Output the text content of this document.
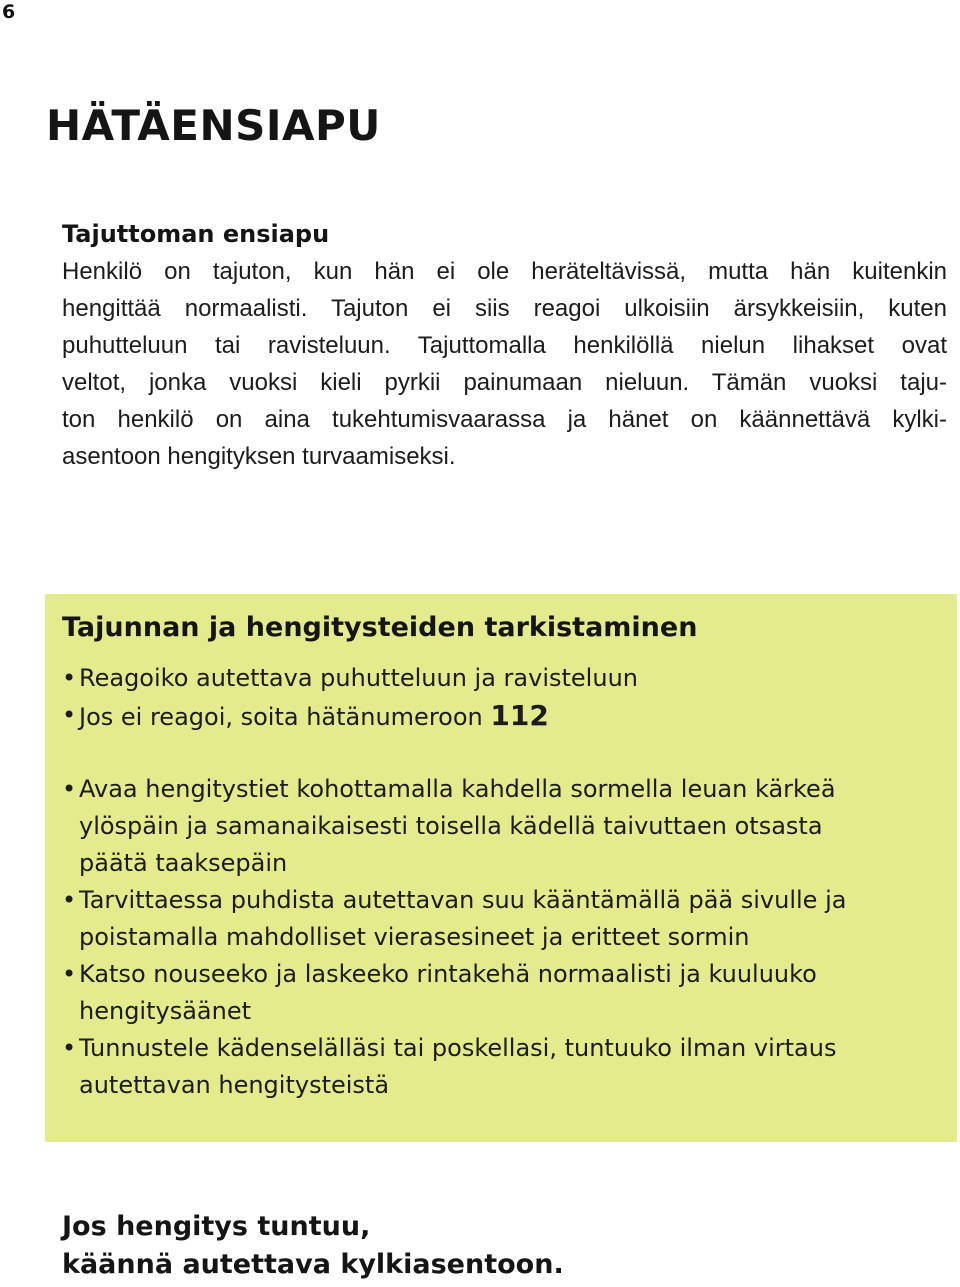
6
HÄTÄENSIAPU
Tajuttoman ensiapu

Henkilö on tajuton, kun hän ei ole heräteltävissä, mutta hän kuitenkin
hengittää normaalisti. Tajuton ei siis reagoi ulkoisiin ärsykkeisiin, kuten
puhutteluun tai ravisteluun. Tajuttomalla henkilöllä nielun lihakset ovat
veltot, jonka vuoksi kieli pyrkii painumaan nieluun. Tämän vuoksi taju-
ton henkilö on aina tukehtumisvaarassa ja hänet on käännettävä kylki-
asentoon hengityksen turvaamiseksi.

Tajunnan ja hengitysteiden tarkistaminen
• Reagoiko autettava puhutteluun ja ravisteluun
• Jos ei reagoi, soita hätänumeroon 112
• Avaa hengitystiet kohottamalla kahdella sormella leuan kärkeä
ylöspäin ja samanaikaisesti toisella kädellä taivuttaen otsasta
päätä taaksepäin
• Tarvittaessa puhdista autettavan suu kääntämällä pää sivulle ja
poistamalla mahdolliset vierasesineet ja eritteet sormin
• Katso nouseeko ja laskeeko rintakehä normaalisti ja kuuluuko
hengitysäänet
• Tunnustele kädenselälläsi tai poskellasi, tuntuuko ilman virtaus
autettavan hengitysteistä

Jos hengitys tuntuu,
käännä autettava kylkiasentoon.
